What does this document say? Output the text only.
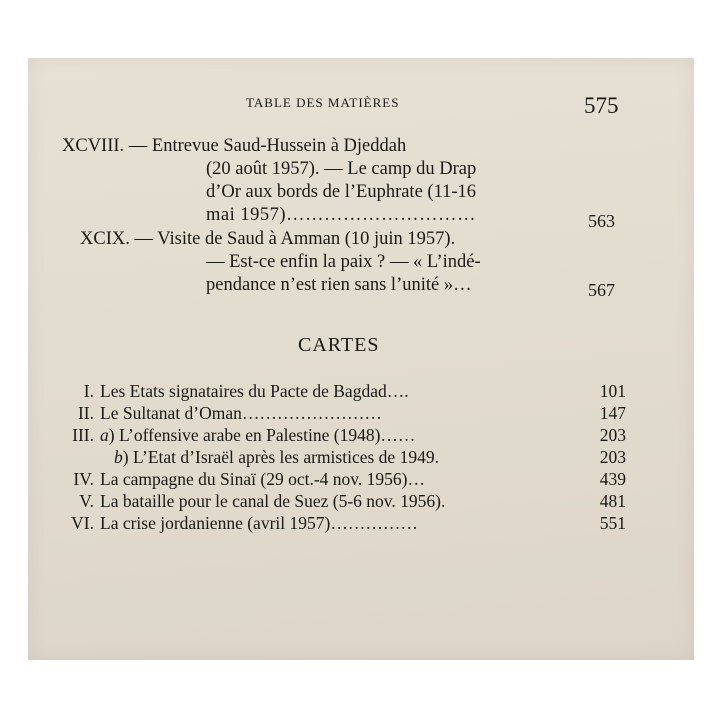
TABLE DES MATIÈRES	575
XCVIII. — Entrevue Saud-Hussein à Djeddah
(20 août 1957). — Le camp du Drap
d’Or aux bords de l’Euphrate (11-16
mai 1957)…………………………	563
XCIX. — Visite de Saud à Amman (10 juin 1957).
— Est-ce enfin la paix ? — « L’indé-
pendance n’est rien sans l’unité »…	567
CARTES
I. Les Etats signataires du Pacte de Bagdad….	101
II. Le Sultanat d’Oman……………………	147
III. a) L’offensive arabe en Palestine (1948)……	203
b) L’Etat d’Israël après les armistices de 1949.	203
IV. La campagne du Sinaï (29 oct.-4 nov. 1956)…	439
V. La bataille pour le canal de Suez (5-6 nov. 1956).	481
VI. La crise jordanienne (avril 1957)……………	551
